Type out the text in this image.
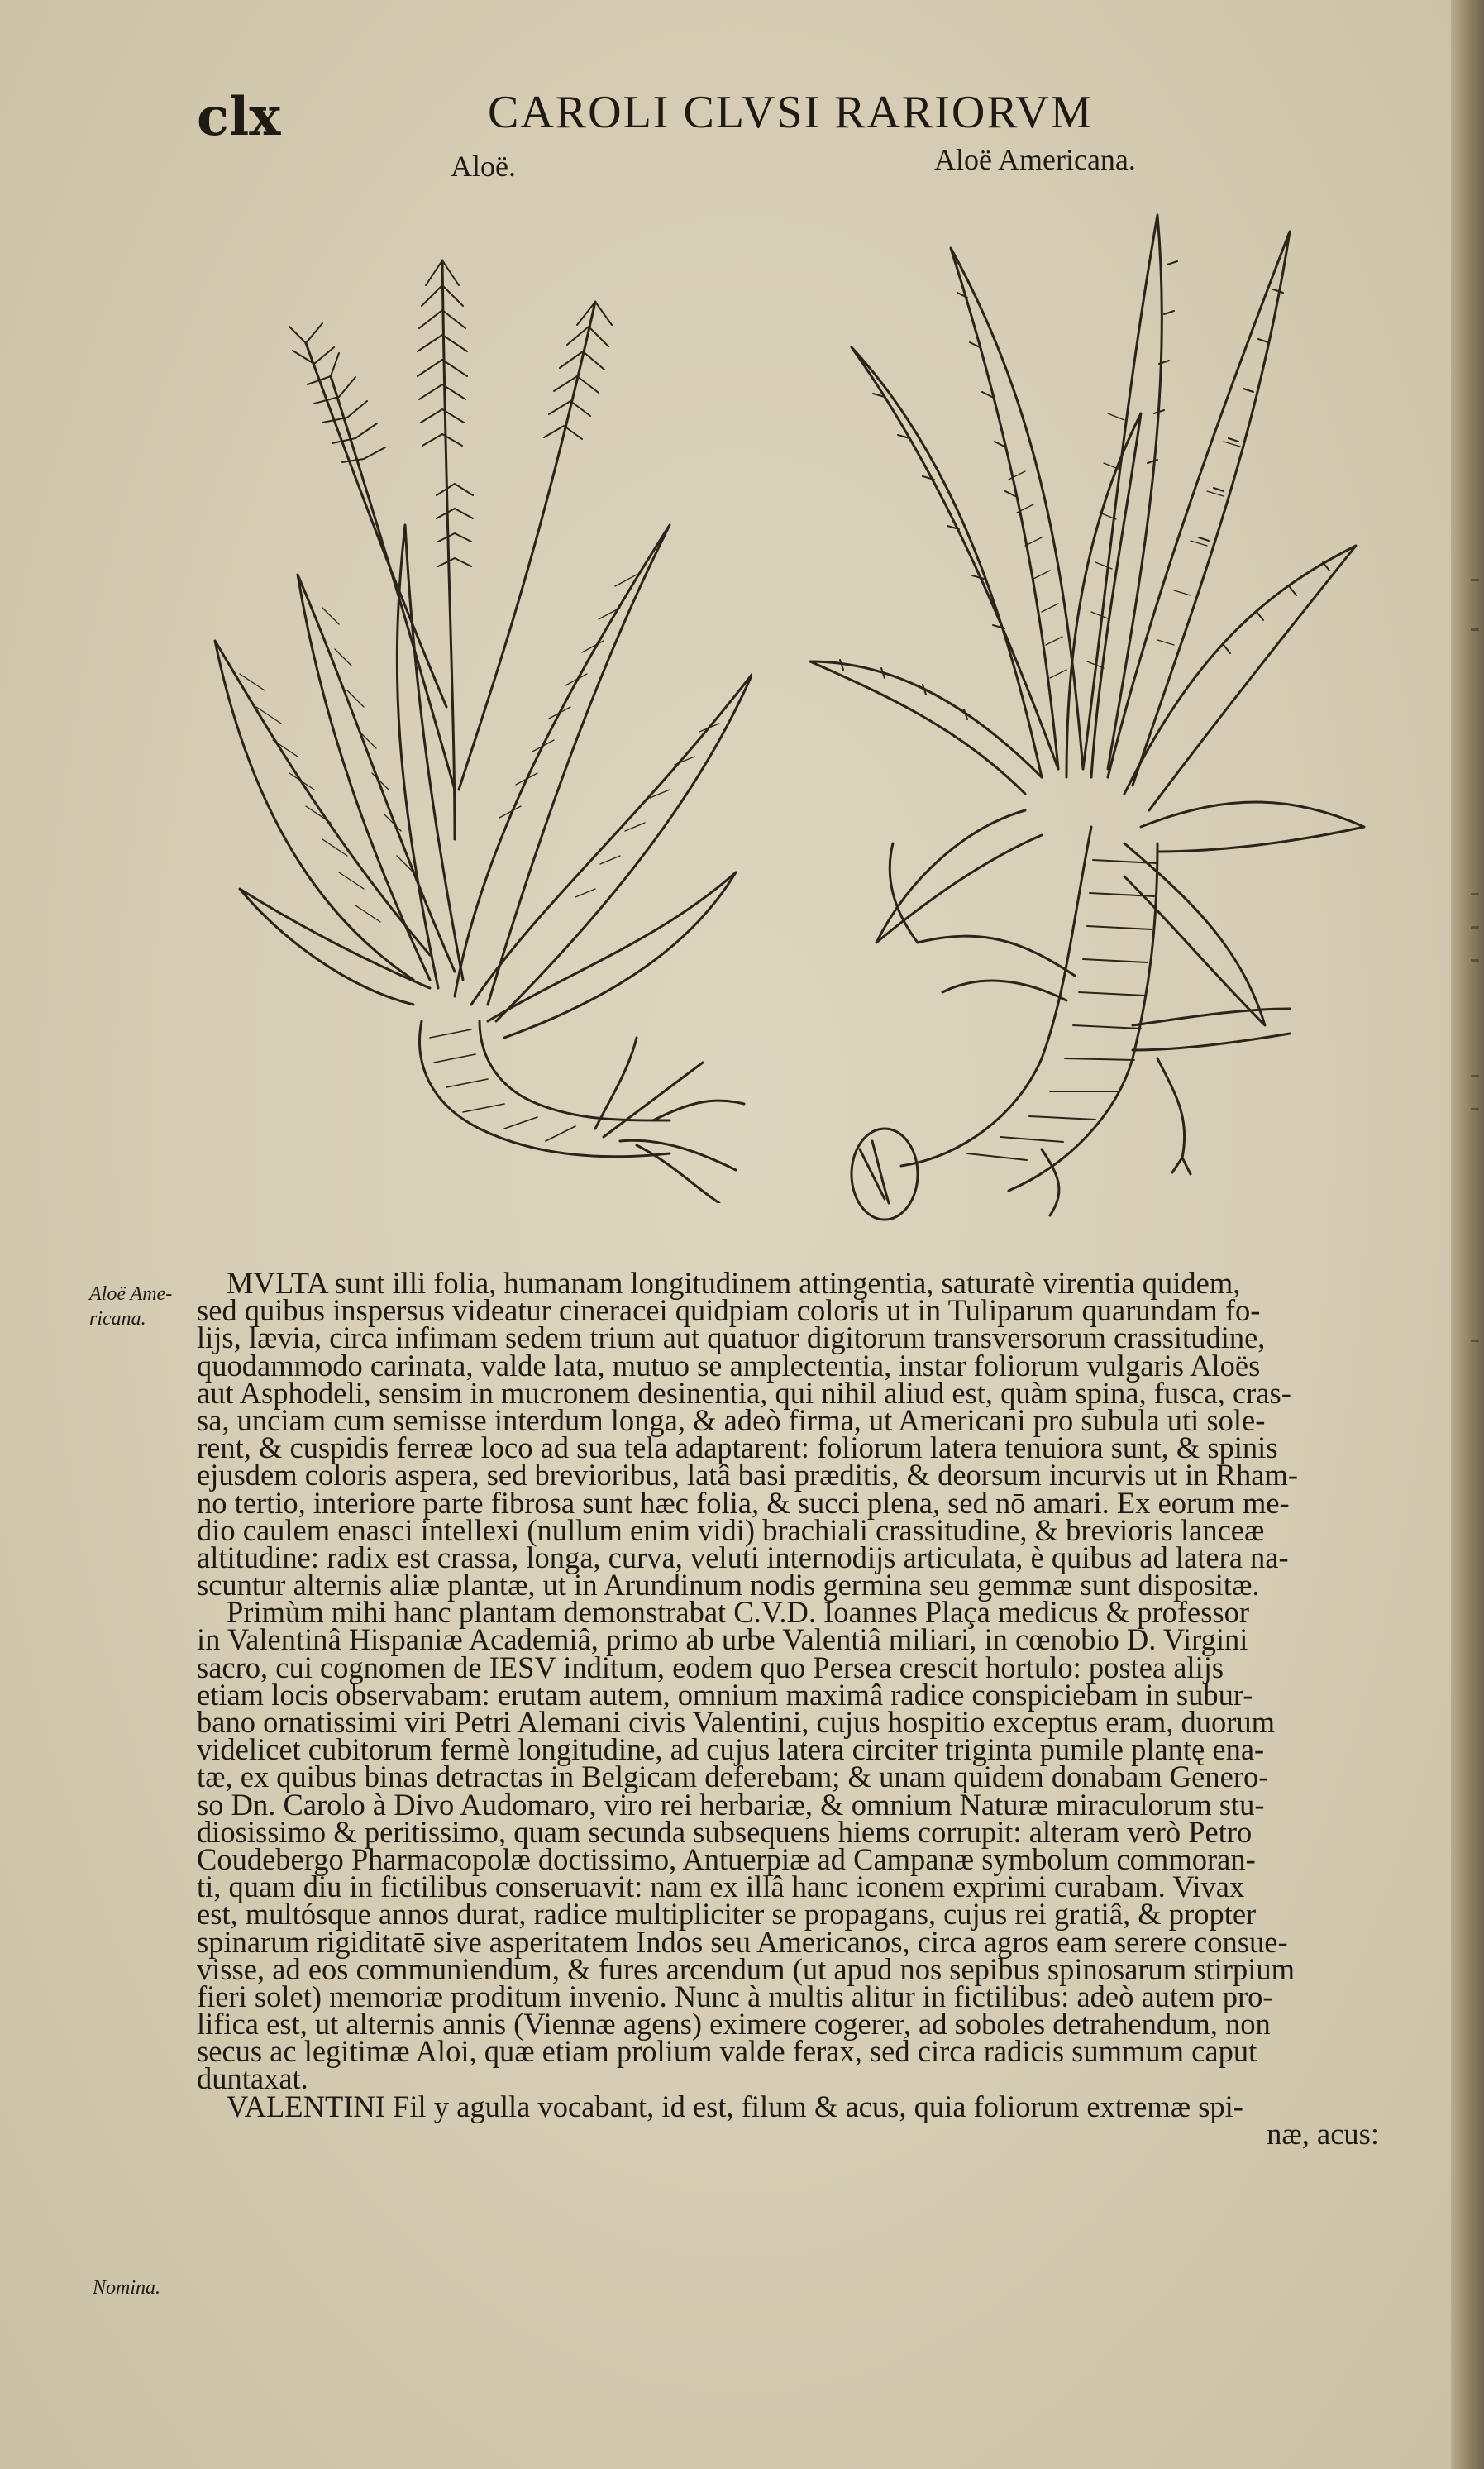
clx	CAROLI CLVSI RARIORVM
Aloë.	Aloë Americana.
Aloë Ame- ricana.
Nomina.
MVLTA sunt illi folia, humanam longitudinem attingentia, saturatè virentia quidem,
sed quibus inspersus videatur cineracei quidpiam coloris ut in Tuliparum quarundam fo-
lijs, lævia, circa infimam sedem trium aut quatuor digitorum transversorum crassitudine,
quodammodo carinata, valde lata, mutuo se amplectentia, instar foliorum vulgaris Aloës
aut Asphodeli, sensim in mucronem desinentia, qui nihil aliud est, quàm spina, fusca, cras-
sa, unciam cum semisse interdum longa, & adeò firma, ut Americani pro subula uti sole-
rent, & cuspidis ferreæ loco ad sua tela adaptarent: foliorum latera tenuiora sunt, & spinis
ejusdem coloris aspera, sed brevioribus, latâ basi præditis, & deorsum incurvis ut in Rham-
no tertio, interiore parte fibrosa sunt hæc folia, & succi plena, sed nō amari. Ex eorum me-
dio caulem enasci intellexi (nullum enim vidi) brachiali crassitudine, & brevioris lanceæ
altitudine: radix est crassa, longa, curva, veluti internodijs articulata, è quibus ad latera na-
scuntur alternis aliæ plantæ, ut in Arundinum nodis germina seu gemmæ sunt dispositæ.
Primùm mihi hanc plantam demonstrabat C.V.D. Ioannes Plaça medicus & professor
in Valentinâ Hispaniæ Academiâ, primo ab urbe Valentiâ miliari, in cœnobio D. Virgini
sacro, cui cognomen de IESV inditum, eodem quo Persea crescit hortulo: postea alijs
etiam locis observabam: erutam autem, omnium maximâ radice conspiciebam in subur-
bano ornatissimi viri Petri Alemani civis Valentini, cujus hospitio exceptus eram, duorum
videlicet cubitorum fermè longitudine, ad cujus latera circiter triginta pumile plantę ena-
tæ, ex quibus binas detractas in Belgicam deferebam; & unam quidem donabam Genero-
so Dn. Carolo à Divo Audomaro, viro rei herbariæ, & omnium Naturæ miraculorum stu-
diosissimo & peritissimo, quam secunda subsequens hiems corrupit: alteram verò Petro
Coudebergo Pharmacopolæ doctissimo, Antuerpiæ ad Campanæ symbolum commoran-
ti, quam diu in fictilibus conseruavit: nam ex illâ hanc iconem exprimi curabam. Vivax
est, multósque annos durat, radice multipliciter se propagans, cujus rei gratiâ, & propter
spinarum rigiditatē sive asperitatem Indos seu Americanos, circa agros eam serere consue-
visse, ad eos communiendum, & fures arcendum (ut apud nos sepibus spinosarum stirpium
fieri solet) memoriæ proditum invenio. Nunc à multis alitur in fictilibus: adeò autem pro-
lifica est, ut alternis annis (Viennæ agens) eximere cogerer, ad soboles detrahendum, non
secus ac legitimæ Aloi, quæ etiam prolium valde ferax, sed circa radicis summum caput
duntaxat.
VALENTINI Fil y agulla vocabant, id est, filum & acus, quia foliorum extremæ spi-
næ, acus:
